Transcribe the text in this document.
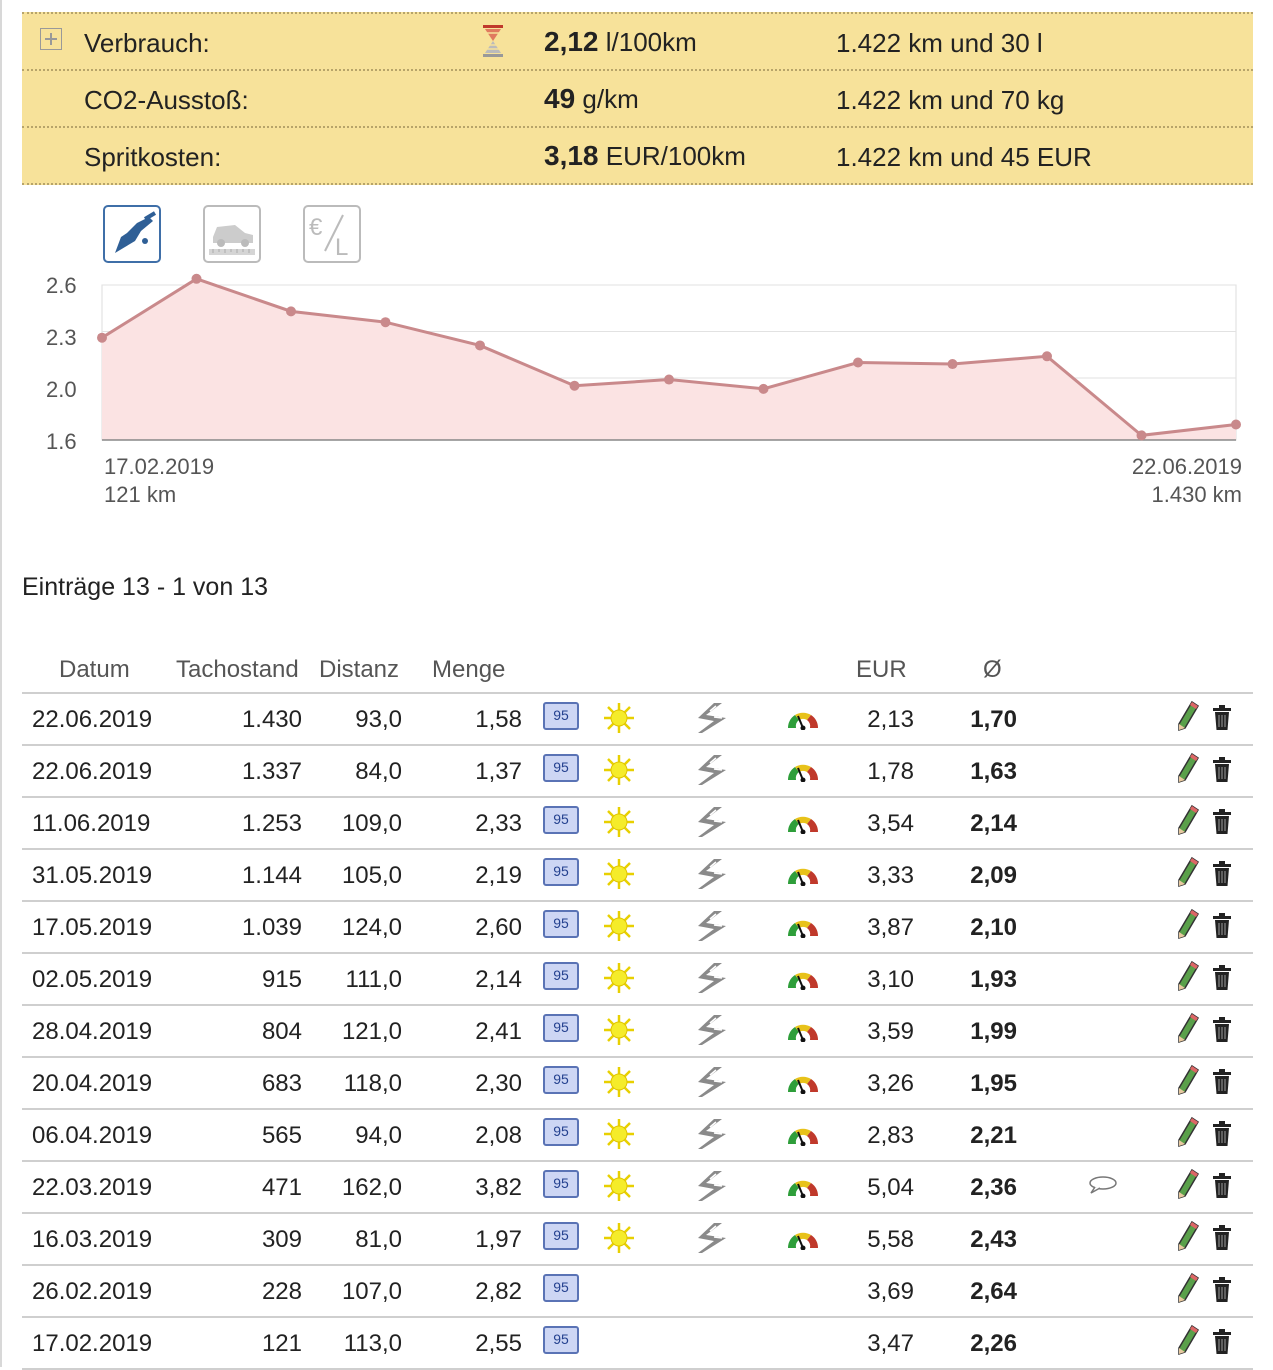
Verbrauch:	2,12 l/100km	1.422 km und 30 l
CO2-Ausstoß:	49 g/km	1.422 km und 70 kg
Spritkosten:	3,18 EUR/100km	1.422 km und 45 EUR
€
L
2.6
2.3
2.0
1.6
17.02.2019
121 km
22.06.2019
1.430 km
Einträge 13 - 1 von 13
Datum Tachostand Distanz Menge	EUR	Ø
22.06.2019	1.430 93,0	1,58	95	2,13 1,70
22.06.2019	1.337 84,0	1,37	95	1,78 1,63
11.06.2019	1.253 109,0	2,33	95	3,54 2,14
31.05.2019	1.144 105,0	2,19	95	3,33 2,09
17.05.2019	1.039 124,0	2,60	95	3,87 2,10
02.05.2019	915 111,0	2,14	95	3,10 1,93
28.04.2019	804 121,0	2,41	95	3,59 1,99
20.04.2019	683 118,0	2,30	95	3,26 1,95
06.04.2019	565 94,0	2,08	95	2,83 2,21
22.03.2019	471 162,0	3,82	95	5,04 2,36
16.03.2019	309 81,0	1,97	95	5,58 2,43
26.02.2019	228 107,0	2,82	95	3,69 2,64
17.02.2019	121 113,0	2,55	95	3,47 2,26
